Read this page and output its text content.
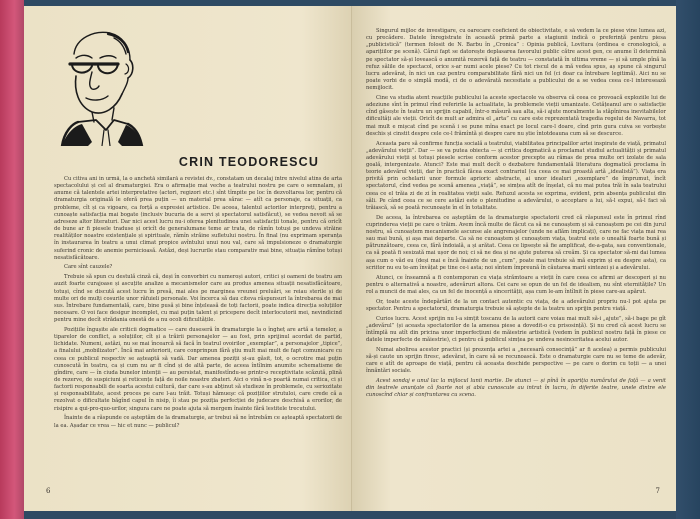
CRIN TEODORESCU

Cu citiva ani in urmă, la o anchetă similară a revistei dv., constatam un decalaj între nivelul atins de arta spectacolului și cel al dramaturgiei. Era o afirmație mai veche a teatrului nostru pe care o semnalam, și anume că talentele artei interpretative (actori, regizori etc.) sînt tîmpite pe loc în dezvoltarea lor, pentru că dramaturgia originală le oferă prea puțin — un material prea sărac — atît ca personaje, ca situații, ca probleme, cît și ca vigoare, ca forță a expresiei artistice. De aceea, talentul actorilor interpreți, pentru a cunoaște satisfacția mai bogate (inclusiv bucuria de a servi și spectatorul satisfăcut), se vedea nevoit să se adreseze altor literaturi. Dar nici acest lucru nu-i oferea plenitudinea unei satisfacții tonale, pentru că oricît de bune ar fi piesele traduse și oricît de generalumane teme ar trata, de rămîn totuși pe undeva străine realităților noastre existențiale și spirituale, rămîn străine sufletului nostru. În final (nu exprimam speranța în instaurarea în teatru a unui climat propice avîntului unui nou val, care să impulsioneze o dramaturgie suferind cronic de anemie pernicioasă. Astăzi, deși lucrurile stau comparativ mai bine, situația rămîne totuși nesatisfăcătoare.

Care sînt cauzele?

Trebuie să spun cu destulă cinză că, deși în convorbiri cu numeroși autori, critici și oameni de teatru am auzit foarte curajoase și ascuțite analize a mecanismelor care au produs amenea situații nesatisfăcătoare, totuși, cînd se discută acest lucru în presă, mai ales pe marginea vreunei preluări, se reiau sterile și de multe ori de mulți cosurile unor răfuieli personale. Voi încerca să dau citeva răspunsuri la întrebarea de mai sus. Întrebare fundamentală, care, bine pusă și bine înțeleasă de toți factorii, poate indica direcția soluțiilor necesare. O voi face desigur incomplet, cu mai puțin talent și pricepere decît interlocutorii mei, nevindicind pentru mine decît strădania onestă de a nu ocoli dificultățile.

Pozițiile îngușite ale criticii dogmatice — care duseseră în dramaturgie la o îngheț are artă a temelor, a tiparelor de conflict, a soluțiilor, cît și a trăirii personajelor — au fost, prin sprijinul acordat de partid, lichidate. Numeni, astăzi, nu se mai încearcă să facă în teatrul ovoirilor „exemplar”, a personajelor „tipice”, a finalului „mobilizator”. Încă mai anteriorii, care conprinpun fără ştiu mult mai mult de fapt comunicare cu ceea ce publicul respectiv se așteaptă să vadă. Dar amenea poziții și-au găsit, tot, o ocrotire mai puțin cunoscută în teatru, ca și cum nu ar fi cînd și de altă parte, de aceea întîlnim anumite schematisme de gîndire, care — în ciuda bunelor intenții — au persistat, manifestîndu-se printr-o receptivitate scăzută, plină de rezerve, de suspiciuni și reticențe față de noile noastre zbateri. Aici o vină n-o poartă numai critica, ci și factorii responsabili de soarta acestui cultură, dar care s-au abținut să studieze în problemele, cu seriozitate și responsabilitate, acest proces pe care l-au trăit. Totuși hămueşc că pozițiilor strutuloi, care crede că a rezolvat o dificultate băgînd capul în nisip, îi stau pe poziția perfecției de judecare deschisă a erorilor, de risipire a qui-pro-quo-urilor, singura care ne poate ajuta să mergem înainte fără lestitele trecutului.

Înainte de a răspunde ce așteptăm de la dramaturgie, ar trebui să ne întrebăm ce așteaptă spectatorii de la ea. Așadar ce vrea — hic et nunc — publicul?

6

Singurul mijloc de investigare, cu oarecare coeficient de obiectivitate, e să vedem la ce piese vine lumea azi, cu precădere. Datele înregistrate în această primă parte a stagiunii indică o preferință pentru piesa „publicistică” (termen folosit de N. Barbu în „Cronica” : Opinia publică, Lovitura (ordinea e cronologică, a aparițiilor pe scenă). Cărui fapt se datorește deplasarea favorului public către acest gen, ce anume îl determină pe spectator să-și lovească o anumită rezervă față de teatru — constatată în ultima vreme — și să umple pînă la refuz sălile de spectacol, orice s-ar numi acele piese? Cu tot riscul de a mă vedea spus, aș spune că singurul lucru adevărat, în nici un caz pentru comparabilitate fără nici un fel (ci doar ca întrebare legitimă). Aici nu se poate vorbi de o simplă modă, ci de o adevărată necesitate a publicului de a se vedea ceea ce-l interesează nemijlocit.

Cine va studia atent reacțiile publicului la aceste spectacole va observa că ceea ce provoacă exploziile lui de adeziune sînt în primul rînd referirile la actualitate, la problemele vieții umanizate. Cetățeanul are o satisfacție cînd găsește în teatru un sprijin capabil, într-o măsură sau alta, să-i ajute moralmente la stăpînirea inevitabilelor dificultăți ale vieții. Oricît de mult ar admira el „arta” cu care este reprezentată tragedia regelui de Navarra, tot mai mult e mișcat cînd pe scenă i se pune mîna exact pe locul care-l doare, cînd prin gura cuiva se vorbește deschis și cinstit despre cele ce-l frămîntă și despre care nu știe întotdeauna cum să se descurce.

Aceasta pare să confirme funcția socială a teatrului, viabilitatea principalilor artei inspirate de viață, primatul „adevărului vieții”. Dar — se va putea obiecta — și critica dogmatică a proclamat studiul actualității și primatul adevărului vieții și totuși piesele scrise conform acestor precepte au rămas de prea multe ori izolate de sala goală, intergenizate. Atunci? Este mai mult decît o dezbatere fundamentală literatura dogmatică proclama în teorie adevărul vieții, dar în practică făcea exact contrariul (ca ceea ce mai proastă artă „idealistă”). Viața era privită prin ochelarii unor formule aprioric abstracte, ai unor idealuri „exemplare” de împrumut, încît spectatorul, cînd vedea pe scenă amenea „viață”, se simțea atît de înșelat, că nu mai putea trăi în sala teatrului ceea ce el trăia zi de zi în realitatea vieții sale. Refuzul acesta se exprima, evident, prin absența publicului din săli. Pe când ceea ce se cere astăzi este o plenitudine a adevărului, o acceptare a lui, să-l expui, să-l faci să trăiască, să se poată recunoaște în el în totalitate.

De aceea, la întrebarea ce așteptăm de la dramaturgie spectatorii cred că răspunsul este în primul rînd cuprinderea vieții pe care o trăim. Avem încă multe de făcut ca să ne cunoaștem și să cunoaștem pe cei din jurul nostru, să cunoaștem mecanismele ascunse ale angrenajelor (unde ne aflăm implicați), care ne fac viața mai rea sau mai bună, și așa mai departe. Ca să ne cunoaștem și cunoaștem viața, teatrul este o unealtă foarte bună și pătrunzătoare, ceea ce, fără îndoială, a și arătat. Ceea ce lipsește să fie amplificat, de-a-gata, sau conventionale, ca să poată fi sesizată mai ușor de noi; ci să ne dea și ne ajute puterea să creăm. Și ca spectator să-mi dai lumea așa cum o văd eu (deși mai e încă înainte de un „cum”, poate mai trebuie să mă exprim și eu despre asta), ca scriitor nu eu te-am învățat pe tine ce-i asta; noi sîntem împreună în căutarea marii sintezei și a adevărului.

Atunci, ce înseamnă a fi contemporan cu viața strămtoare a vieții în care ceea ce afirmi ar descoperi și nu pentru o alternativă a noastre, adevăruri altora. Cei care se opun de un fel de idealism, nu sînt eternitățile? Un rol a muncii de mai ales, ca un fel de inocență a sincerității, așa cum le-am întîlnit în piese care-au apărut.

Or, toate aceste îndepărtări de la un contact autentic cu viața, de a adevărului propriu nu-l pot ajuta pe spectator. Pentru a spectatorul, dramaturgia trebuie să aștepte de la teatru un sprijin pentru viață.

Curios lucru. Acest sprijin nu l-a simțit toscanu de la autorii care voiau mai mult să-i „ajute”, să-i bage pe gît „adevărul” (și aceasta spectatorilor de la amenea piese a dovedit-o cu prisosință). Și nu cred că acest lucru se întîmplă nu atît din pricina unor imperfecțiuni de măiestrie artistică (vedem în publicul nostru față în piese ce datele imperfecte de măiestrie), ci pentru că publicul simțea pe undeva nesinceritatea acelui autor.

Numai abolirea acestor practici (și prezența artei a „necesară consecință” ar fi acelea) a permis publicului să-și caute un sprijin firesc, adevărat, în care să se recunoască. Este o dramaturgie care nu se teme de adevăr, care e atît de aproape de viață, pentru că aceasta deschide perspective — pe care o dorim cu toții — a unei înnăntări sociale.

Acest sondaj e unul lac la mijlocul lunii martie. De atunci — și pînă în apariția numărului de față — a venit din teatrele anunțate că foarte noi și abia cunoscute au intrat în lucru, în diferite teatre, unele dintre ele cunoscînd chiar și confruntarea cu scena.

7
